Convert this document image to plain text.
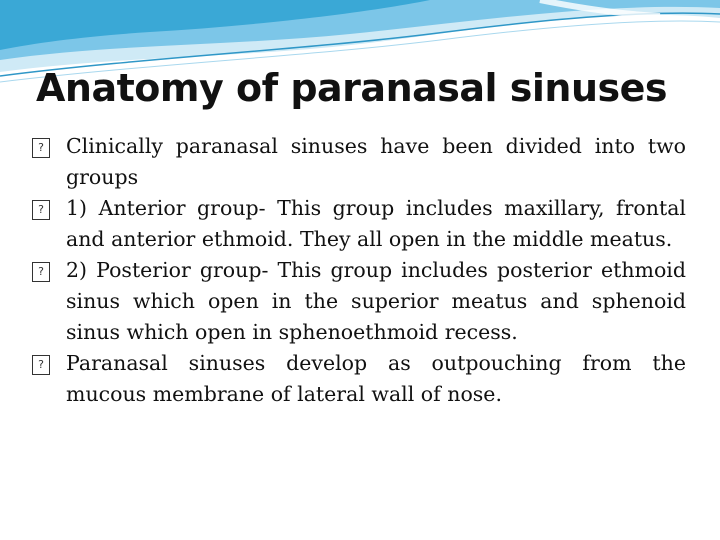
Anatomy of paranasal sinuses
? Clinically paranasal sinuses have been divided into two groups
? 1) Anterior group- This group includes maxillary, frontal and anterior ethmoid. They all open in the middle meatus.
? 2) Posterior group- This group includes posterior ethmoid sinus which open in the superior meatus and sphenoid sinus which open in sphenoethmoid recess.
? Paranasal sinuses develop as outpouching from the mucous membrane of lateral wall of nose.
